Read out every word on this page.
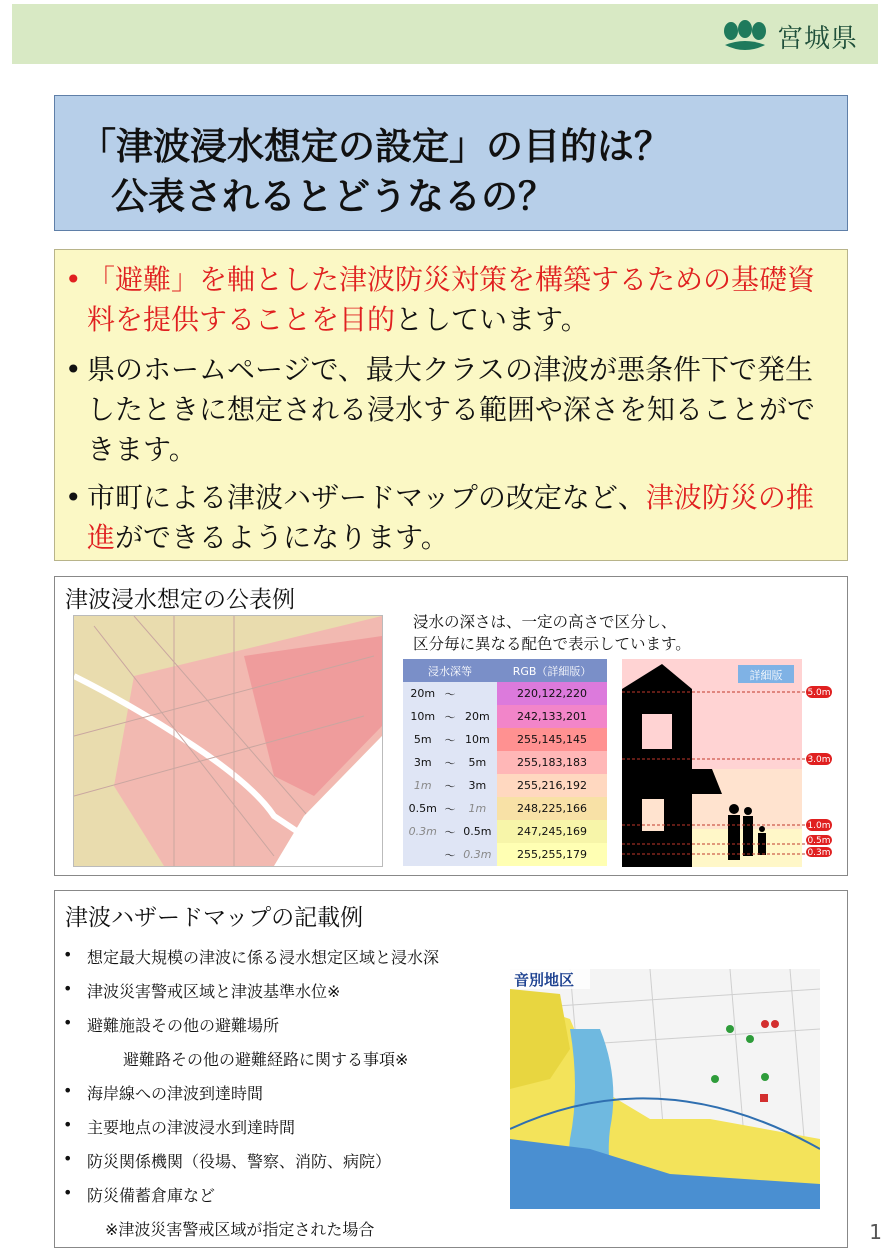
宮城県
「津波浸水想定の設定」の目的は？
公表されるとどうなるの？
• 「避難」を軸とした津波防災対策を構築するための基礎資料を提供することを目的としています。
• 県のホームページで、最大クラスの津波が悪条件下で発生したときに想定される浸水する範囲や深さを知ることができます。
• 市町による津波ハザードマップの改定など、津波防災の推進ができるようになります。
津波浸水想定の公表例
浸水の深さは、一定の高さで区分し、
区分毎に異なる配色で表示しています。
浸水深等			RGB（詳細版）
20m	～		220,122,220
10m	～	20m	242,133,201
5m	～	10m	255,145,145
3m	～	5m	255,183,183
1m	～	3m	255,216,192
0.5m	～	1m	248,225,166
0.3m	～	0.5m	247,245,169
	～	0.3m	255,255,179
詳細版
5.0m
3.0m
1.0m
0.5m
0.3m
津波ハザードマップの記載例
• 想定最大規模の津波に係る浸水想定区域と浸水深
• 津波災害警戒区域と津波基準水位※
• 避難施設その他の避難場所
避難路その他の避難経路に関する事項※
• 海岸線への津波到達時間
• 主要地点の津波浸水到達時間
• 防災関係機関（役場、警察、消防、病院）
• 防災備蓄倉庫など
※津波災害警戒区域が指定された場合
音別地区
1
